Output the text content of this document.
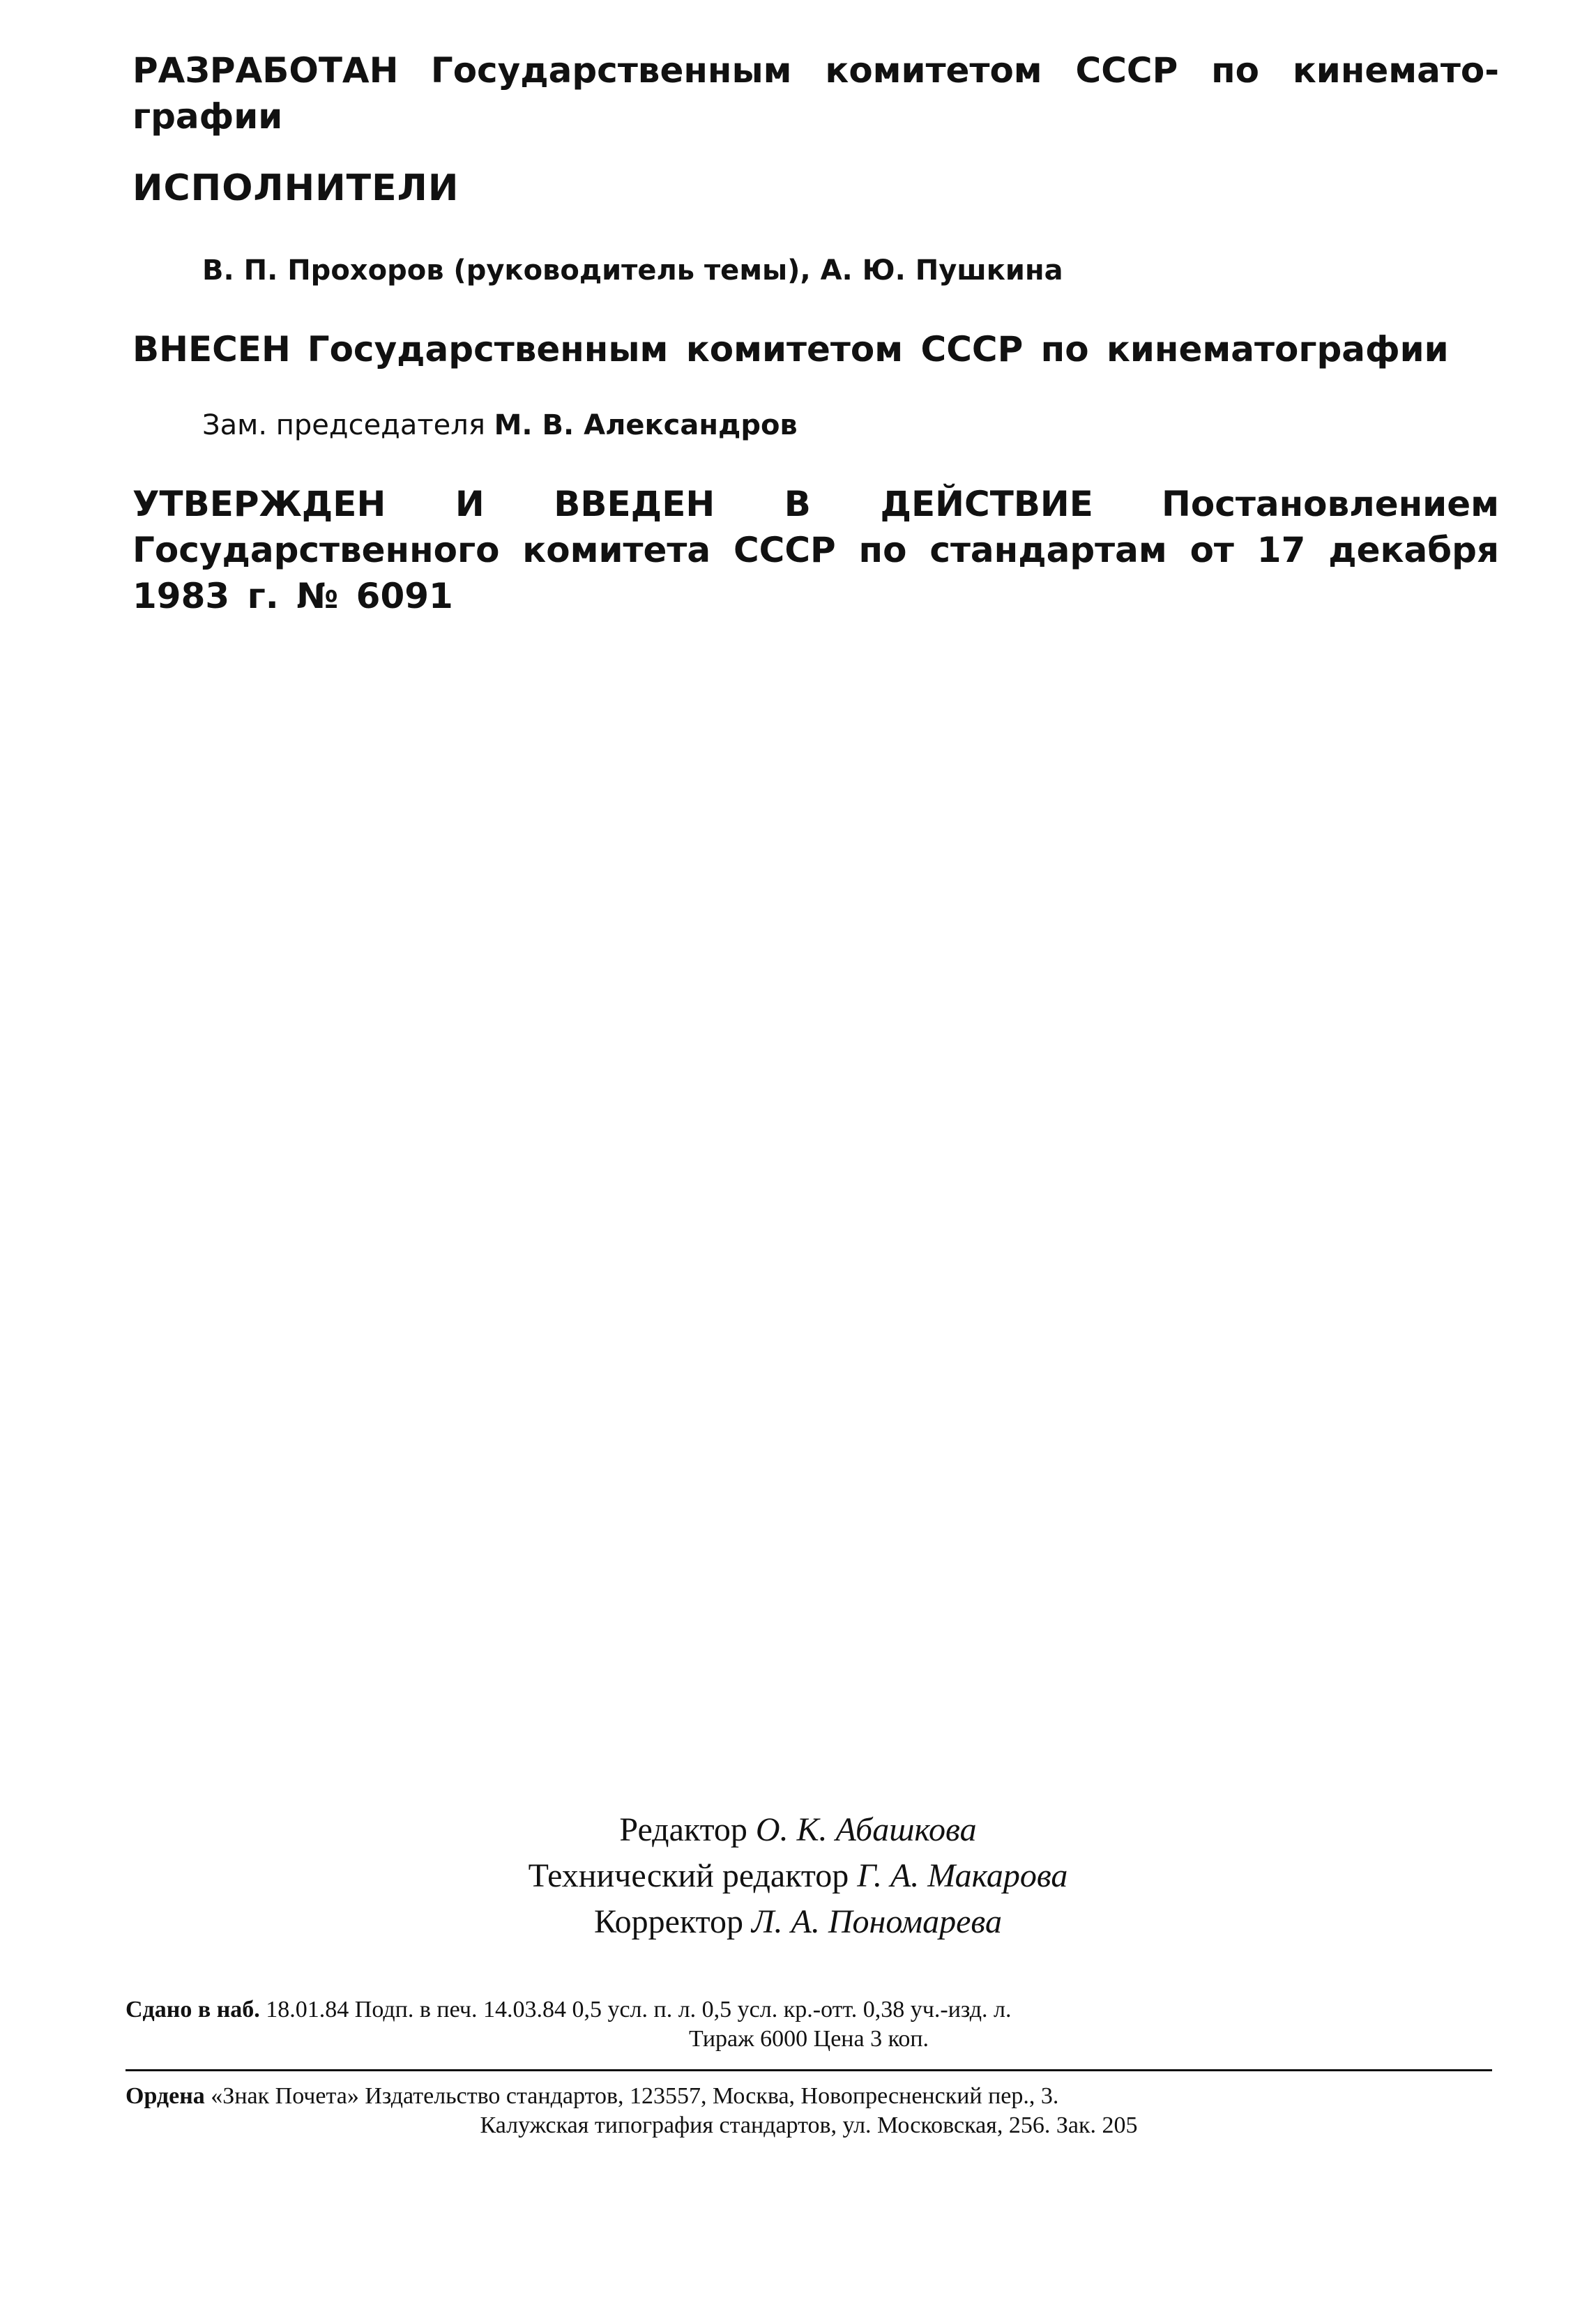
РАЗРАБОТАН Государственным комитетом СССР по кинемато-графии

ИСПОЛНИТЕЛИ
В. П. Прохоров (руководитель темы), А. Ю. Пушкина

ВНЕСЕН Государственным комитетом СССР по кинематографии

Зам. председателя М. В. Александров

УТВЕРЖДЕН И ВВЕДЕН В ДЕЙСТВИЕ Постановлением Государственного комитета СССР по стандартам от 17 декабря 1983 г. № 6091

Редактор О. К. Абашкова
Технический редактор Г. А. Макарова
Корректор Л. А. Пономарева
Сдано в наб. 18.01.84 Подп. в печ. 14.03.84 0,5 усл. п. л. 0,5 усл. кр.-отт. 0,38 уч.-изд. л.
Тираж 6000 Цена 3 коп.
Ордена «Знак Почета» Издательство стандартов, 123557, Москва, Новопресненский пер., 3.
Калужская типография стандартов, ул. Московская, 256. Зак. 205
